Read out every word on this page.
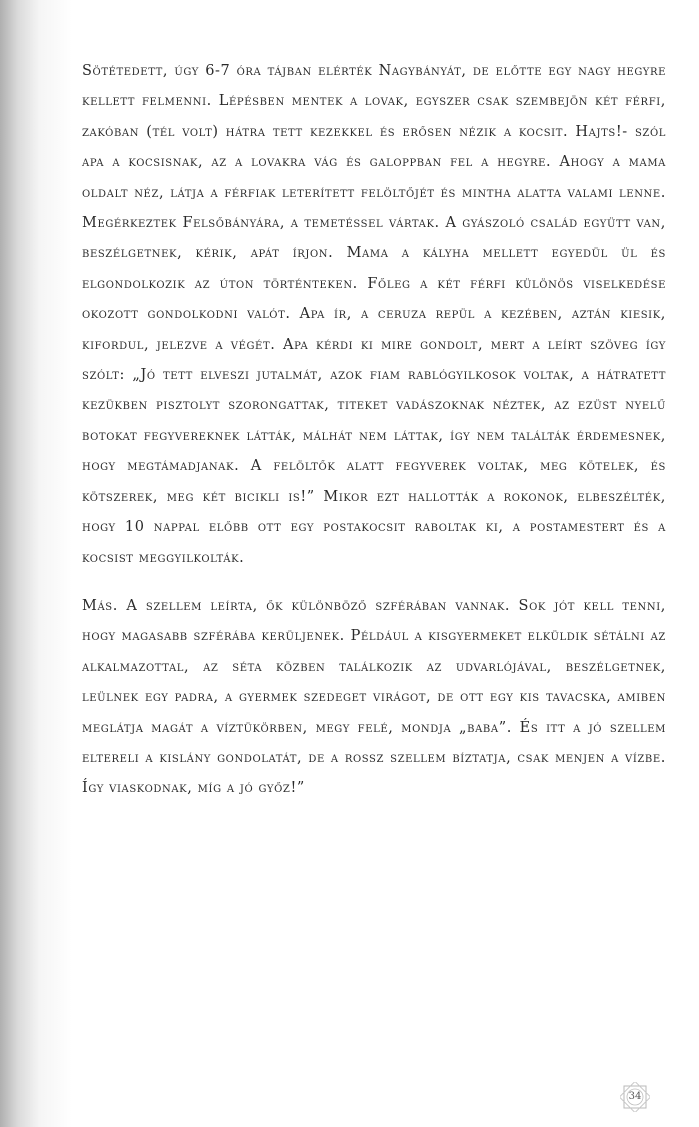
Sötétedett, úgy 6-7 óra tájban elérték Nagybányát, de előtte egy nagy hegyre kellett felmenni. Lépésben mentek a lovak, egyszer csak szembejön két férfi, zakóban (tél volt) hátra tett kezekkel és erősen nézik a kocsit. Hajts!- szól apa a kocsisnak, az a lovakra vág és galoppban fel a hegyre. Ahogy a mama oldalt néz, látja a férfiak leterített felöltőjét és mintha alatta valami lenne. Megérkeztek Felsőbányára, a temetéssel vártak. A gyászoló család együtt van, beszélgetnek, kérik, apát írjon. Mama a kályha mellett egyedül ül és elgondolkozik az úton történteken. Főleg a két férfi különös viselkedése okozott gondolkodni valót. Apa ír, a ceruza repül a kezében, aztán kiesik, kifordul, jelezve a végét. Apa kérdi ki mire gondolt, mert a leírt szöveg így szólt: „Jó tett elveszi jutalmát, azok fiam rablógyilkosok voltak, a hátratett kezükben pisztolyt szorongattak, titeket vadászoknak néztek, az ezüst nyelű botokat fegyvereknek látták, málhát nem láttak, így nem találták érdemesnek, hogy megtámadjanak. A felöltők alatt fegyverek voltak, meg kötelek, és kötszerek, meg két bicikli is!” Mikor ezt hallották a rokonok, elbeszélték, hogy 10 nappal előbb ott egy postakocsit raboltak ki, a postamestert és a kocsist meggyilkolták.

Más. A szellem leírta, ők különböző szférában vannak. Sok jót kell tenni, hogy magasabb szférába kerüljenek. Például a kisgyermeket elküldik sétálni az alkalmazottal, az séta közben találkozik az udvarlójával, beszélgetnek, leülnek egy padra, a gyermek szedeget virágot, de ott egy kis tavacska, amiben meglátja magát a víztükörben, megy felé, mondja „baba”. És itt a jó szellem eltereli a kislány gondolatát, de a rossz szellem bíztatja, csak menjen a vízbe. Így viaskodnak, míg a jó győz!”

34
